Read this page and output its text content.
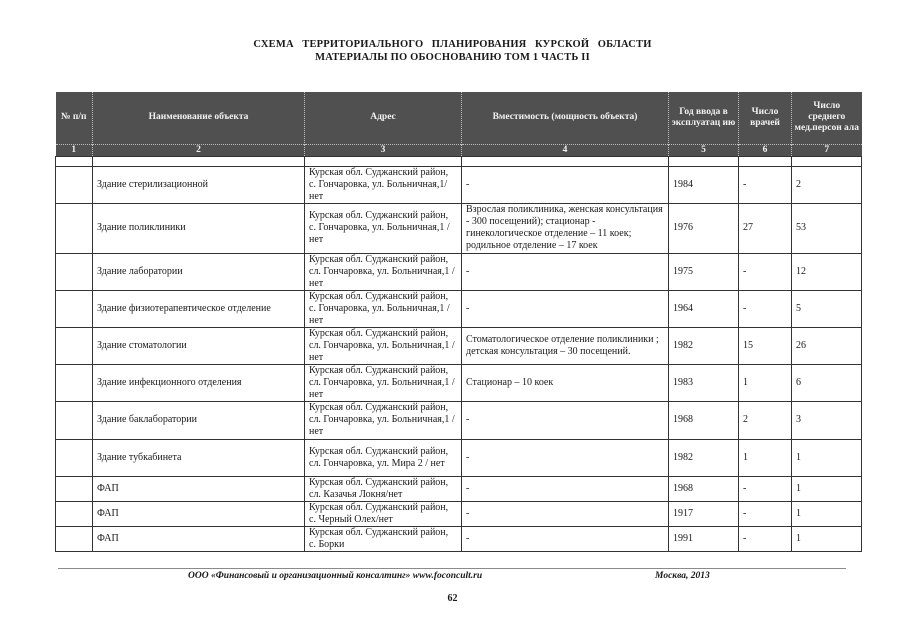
СХЕМА   ТЕРРИТОРИАЛЬНОГО   ПЛАНИРОВАНИЯ   КУРСКОЙ   ОБЛАСТИ
МАТЕРИАЛЫ ПО ОБОСНОВАНИЮ ТОМ 1 ЧАСТЬ II
№ п/п	Наименование объекта	Адрес	Вместимость (мощность объекта)	Год ввода в эксплуатац ию	Число врачей	Число среднего мед.персон ала
1	2	3	4	5	6	7

	Здание стерилизационной	Курская обл. Суджанский район, с. Гончаровка, ул. Больничная,1/нет	-	1984	-	2
	Здание поликлиники	Курская обл. Суджанский район, с. Гончаровка, ул. Больничная,1 /нет	Взрослая поликлиника, женская консультация - 300 посещений); стационар - гинекологическое отделение – 11 коек; родильное отделение – 17 коек	1976	27	53
	Здание лаборатории	Курская обл. Суджанский район, сл. Гончаровка, ул. Больничная,1 / нет	-	1975	-	12
	Здание физиотерапевтическое отделение	Курская обл. Суджанский район, с. Гончаровка, ул. Больничная,1 /нет	-	1964	-	5
	Здание стоматологии	Курская обл. Суджанский район, сл. Гончаровка, ул. Больничная,1 / нет	Стоматологическое отделение поликлиники ; детская консультация – 30 посещений.	1982	15	26
	Здание инфекционного отделения	Курская обл. Суджанский район, сл. Гончаровка, ул. Больничная,1 / нет	Стационар – 10 коек	1983	1	6
	Здание баклаборатории	Курская обл. Суджанский район, сл. Гончаровка, ул. Больничная,1 / нет	-	1968	2	3
	Здание тубкабинета	Курская обл. Суджанский район, сл. Гончаровка, ул. Мира 2 / нет	-	1982	1	1
	ФАП	Курская обл. Суджанский район, сл. Казачья Локня/нет	-	1968	-	1
	ФАП	Курская обл. Суджанский район, с. Черный Олех/нет	-	1917	-	1
	ФАП	Курская обл. Суджанский район, с. Борки	-	1991	-	1
ООО «Финансовый и организационный консалтинг» www.foconcult.ru	Москва, 2013
62
